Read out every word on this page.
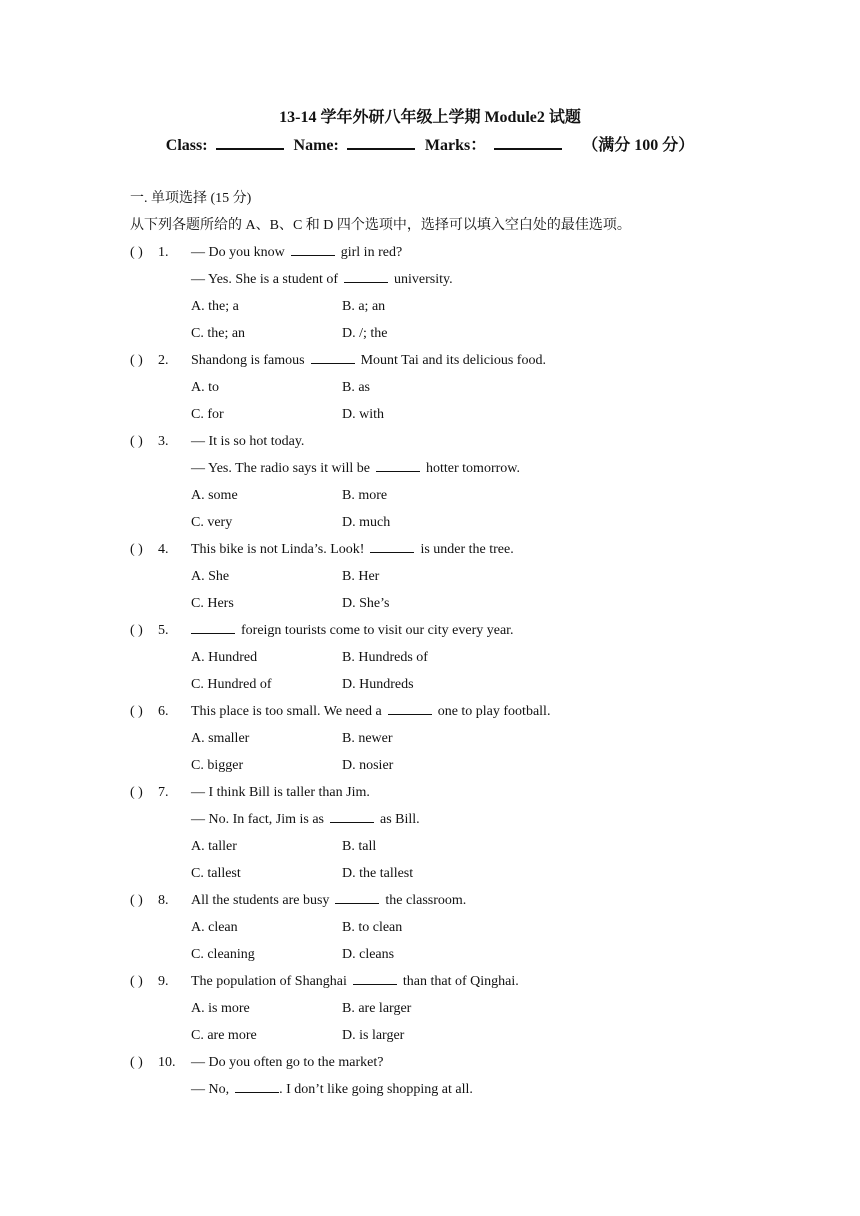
13-14 学年外研八年级上学期 Module2 试题
Class:	Name:	Marks：	（满分 100 分）
一. 单项选择 (15 分)
从下列各题所给的 A、B、C 和 D 四个选项中，选择可以填入空白处的最佳选项。
( ) 1. — Do you know	girl in red?
— Yes. She is a student of	university.
A. the; a	B. a; an
C. the; an	D. /; the
( ) 2. Shandong is famous	Mount Tai and its delicious food.
A. to	B. as
C. for	D. with
( ) 3. — It is so hot today.
— Yes. The radio says it will be	hotter tomorrow.
A. some	B. more
C. very	D. much
( ) 4. This bike is not Linda’s. Look!	is under the tree.
A. She	B. Her
C. Hers	D. She’s
( ) 5.	foreign tourists come to visit our city every year.
A. Hundred	B. Hundreds of
C. Hundred of	D. Hundreds
( ) 6. This place is too small. We need a	one to play football.
A. smaller	B. newer
C. bigger	D. nosier
( ) 7. — I think Bill is taller than Jim.
— No. In fact, Jim is as	as Bill.
A. taller	B. tall
C. tallest	D. the tallest
( ) 8. All the students are busy	the classroom.
A. clean	B. to clean
C. cleaning	D. cleans
( ) 9. The population of Shanghai	than that of Qinghai.
A. is more	B. are larger
C. are more	D. is larger
( ) 10. — Do you often go to the market?
— No,	. I don’t like going shopping at all.
